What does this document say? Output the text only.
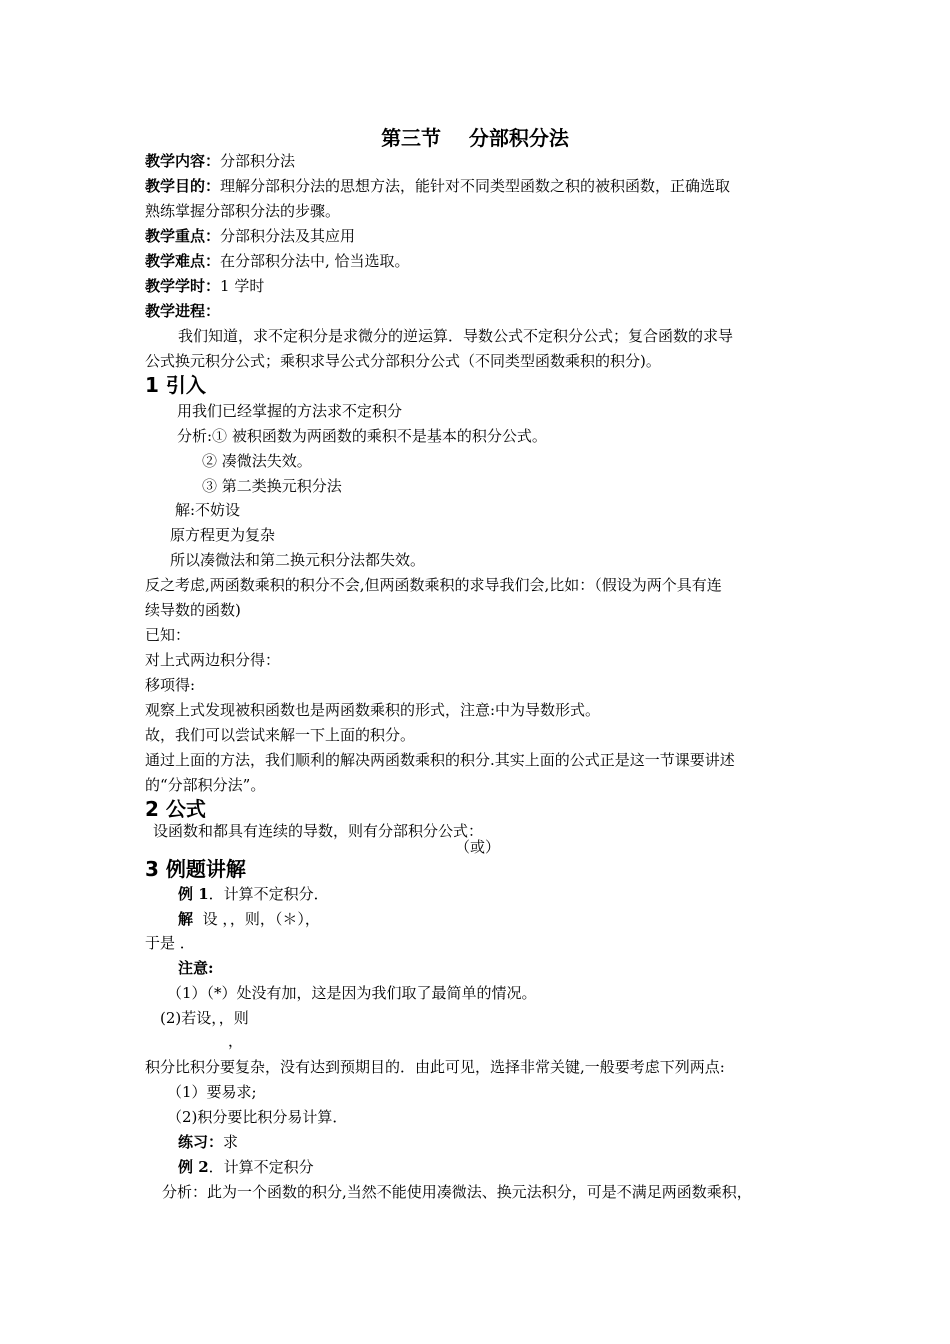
第三节    分部积分法
教学内容：分部积分法
教学目的：理解分部积分法的思想方法，能针对不同类型函数之积的被积函数，正确选取
熟练掌握分部积分法的步骤。
教学重点：分部积分法及其应用
教学难点：在分部积分法中, 恰当选取。
教学学时：1 学时
教学进程：
我们知道，求不定积分是求微分的逆运算．导数公式不定积分公式；复合函数的求导
公式换元积分公式；乘积求导公式分部积分公式（不同类型函数乘积的积分)。
1 引入
用我们已经掌握的方法求不定积分
分析:① 被积函数为两函数的乘积不是基本的积分公式。
② 凑微法失效。
③ 第二类换元积分法
解:不妨设
原方程更为复杂
所以凑微法和第二换元积分法都失效。
反之考虑,两函数乘积的积分不会,但两函数乘积的求导我们会,比如：（假设为两个具有连
续导数的函数)
已知：
对上式两边积分得：
移项得:
观察上式发现被积函数也是两函数乘积的形式，注意:中为导数形式。
故，我们可以尝试来解一下上面的积分。
通过上面的方法，我们顺利的解决两函数乘积的积分.其实上面的公式正是这一节课要讲述
的“分部积分法”。
2 公式
设函数和都具有连续的导数，则有分部积分公式：
（或）
3 例题讲解
例 1．计算不定积分．
解 设 ，，则，（＊），
于是 ．
注意:
（1）（*）处没有加，这是因为我们取了最简单的情况。
(2)若设，，则
，
积分比积分要复杂，没有达到预期目的．由此可见，选择非常关键,一般要考虑下列两点:
（1）要易求;
（2)积分要比积分易计算．
练习：求
例 2．计算不定积分
分析：此为一个函数的积分,当然不能使用凑微法、换元法积分，可是不满足两函数乘积，
